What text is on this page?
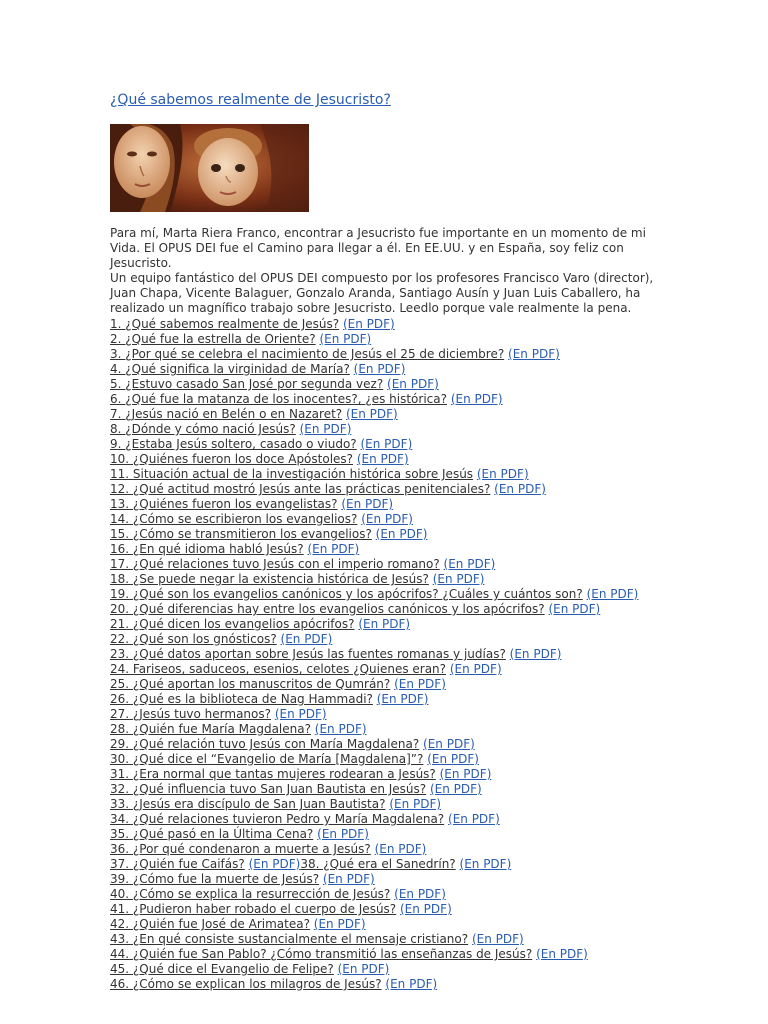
¿Qué sabemos realmente de Jesucristo?

Para mí, Marta Riera Franco, encontrar a Jesucristo fue importante en un momento de mi Vida. El OPUS DEI fue el Camino para llegar a él. En EE.UU. y en España, soy feliz con Jesucristo.

Un equipo fantástico del OPUS DEI compuesto por los profesores Francisco Varo (director), Juan Chapa, Vicente Balaguer, Gonzalo Aranda, Santiago Ausín y Juan Luis Caballero, ha realizado un magnífico trabajo sobre Jesucristo. Leedlo porque vale realmente la pena.

1. ¿Qué sabemos realmente de Jesús? (En PDF)
2. ¿Qué fue la estrella de Oriente? (En PDF)
3. ¿Por qué se celebra el nacimiento de Jesús el 25 de diciembre? (En PDF)
4. ¿Qué significa la virginidad de María? (En PDF)
5. ¿Estuvo casado San José por segunda vez? (En PDF)
6. ¿Qué fue la matanza de los inocentes?, ¿es histórica? (En PDF)
7. ¿Jesús nació en Belén o en Nazaret? (En PDF)
8. ¿Dónde y cómo nació Jesús? (En PDF)
9. ¿Estaba Jesús soltero, casado o viudo? (En PDF)
10. ¿Quiénes fueron los doce Apóstoles? (En PDF)
11. Situación actual de la investigación histórica sobre Jesús (En PDF)
12. ¿Qué actitud mostró Jesús ante las prácticas penitenciales? (En PDF)
13. ¿Quiénes fueron los evangelistas? (En PDF)
14. ¿Cómo se escribieron los evangelios? (En PDF)
15. ¿Cómo se transmitieron los evangelios? (En PDF)
16. ¿En qué idioma habló Jesús? (En PDF)
17. ¿Qué relaciones tuvo Jesús con el imperio romano? (En PDF)
18. ¿Se puede negar la existencia histórica de Jesús? (En PDF)
19. ¿Qué son los evangelios canónicos y los apócrifos? ¿Cuáles y cuántos son? (En PDF)
20. ¿Qué diferencias hay entre los evangelios canónicos y los apócrifos? (En PDF)
21. ¿Qué dicen los evangelios apócrifos? (En PDF)
22. ¿Qué son los gnósticos? (En PDF)
23. ¿Qué datos aportan sobre Jesús las fuentes romanas y judías? (En PDF)
24. Fariseos, saduceos, esenios, celotes ¿Quienes eran? (En PDF)
25. ¿Qué aportan los manuscritos de Qumrán? (En PDF)
26. ¿Qué es la biblioteca de Nag Hammadi? (En PDF)
27. ¿Jesús tuvo hermanos? (En PDF)
28. ¿Quién fue María Magdalena? (En PDF)
29. ¿Qué relación tuvo Jesús con María Magdalena? (En PDF)
30. ¿Qué dice el “Evangelio de María [Magdalena]”? (En PDF)
31. ¿Era normal que tantas mujeres rodearan a Jesús? (En PDF)
32. ¿Qué influencia tuvo San Juan Bautista en Jesús? (En PDF)
33. ¿Jesús era discípulo de San Juan Bautista? (En PDF)
34. ¿Qué relaciones tuvieron Pedro y María Magdalena? (En PDF)
35. ¿Qué pasó en la Última Cena? (En PDF)
36. ¿Por qué condenaron a muerte a Jesús? (En PDF)
37. ¿Quién fue Caifás? (En PDF)38. ¿Qué era el Sanedrín? (En PDF)
39. ¿Cómo fue la muerte de Jesús? (En PDF)
40. ¿Cómo se explica la resurrección de Jesús? (En PDF)
41. ¿Pudieron haber robado el cuerpo de Jesús? (En PDF)
42. ¿Quién fue José de Arimatea? (En PDF)
43. ¿En qué consiste sustancialmente el mensaje cristiano? (En PDF)
44. ¿Quién fue San Pablo? ¿Cómo transmitió las enseñanzas de Jesús? (En PDF)
45. ¿Qué dice el Evangelio de Felipe? (En PDF)
46. ¿Cómo se explican los milagros de Jesús? (En PDF)
